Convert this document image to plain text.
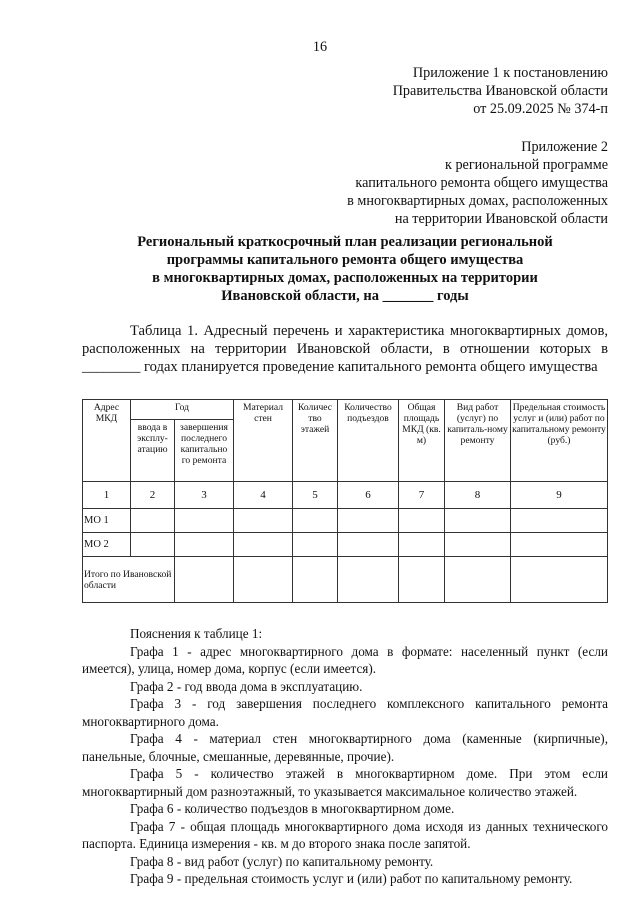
16
Приложение 1 к постановлению
Правительства Ивановской области
от 25.09.2025 № 374-п
Приложение 2
к региональной программе
капитального ремонта общего имущества
в многоквартирных домах, расположенных
на территории Ивановской области
Региональный краткосрочный план реализации региональной
программы капитального ремонта общего имущества
в многоквартирных домах, расположенных на территории
Ивановской области, на _______ годы
Таблица 1. Адресный перечень и характеристика многоквартирных домов, расположенных на территории Ивановской области, в отношении которых в ________ годах планируется проведение капитального ремонта общего имущества
Адрес МКД	Год		Материал стен	Количес тво этажей	Количество подъездов	Общая площадь МКД (кв. м)	Вид работ (услуг) по капиталь-ному ремонту	Предельная стоимость услуг и (или) работ по капитальному ремонту (руб.)
	ввода в эксплу-атацию	завершения последнего капитально го ремонта						
1	2	3	4	5	6	7	8	9
МО 1								
МО 2								
Итого по Ивановской области								

Пояснения к таблице 1:

Графа 1 - адрес многоквартирного дома в формате: населенный пункт (если имеется), улица, номер дома, корпус (если имеется).

Графа 2 - год ввода дома в эксплуатацию.

Графа 3 - год завершения последнего комплексного капитального ремонта многоквартирного дома.

Графа 4 - материал стен многоквартирного дома (каменные (кирпичные), панельные, блочные, смешанные, деревянные, прочие).

Графа 5 - количество этажей в многоквартирном доме. При этом если многоквартирный дом разноэтажный, то указывается максимальное количество этажей.

Графа 6 - количество подъездов в многоквартирном доме.

Графа 7 - общая площадь многоквартирного дома исходя из данных технического паспорта. Единица измерения - кв. м до второго знака после запятой.

Графа 8 - вид работ (услуг) по капитальному ремонту.

Графа 9 - предельная стоимость услуг и (или) работ по капитальному ремонту.
